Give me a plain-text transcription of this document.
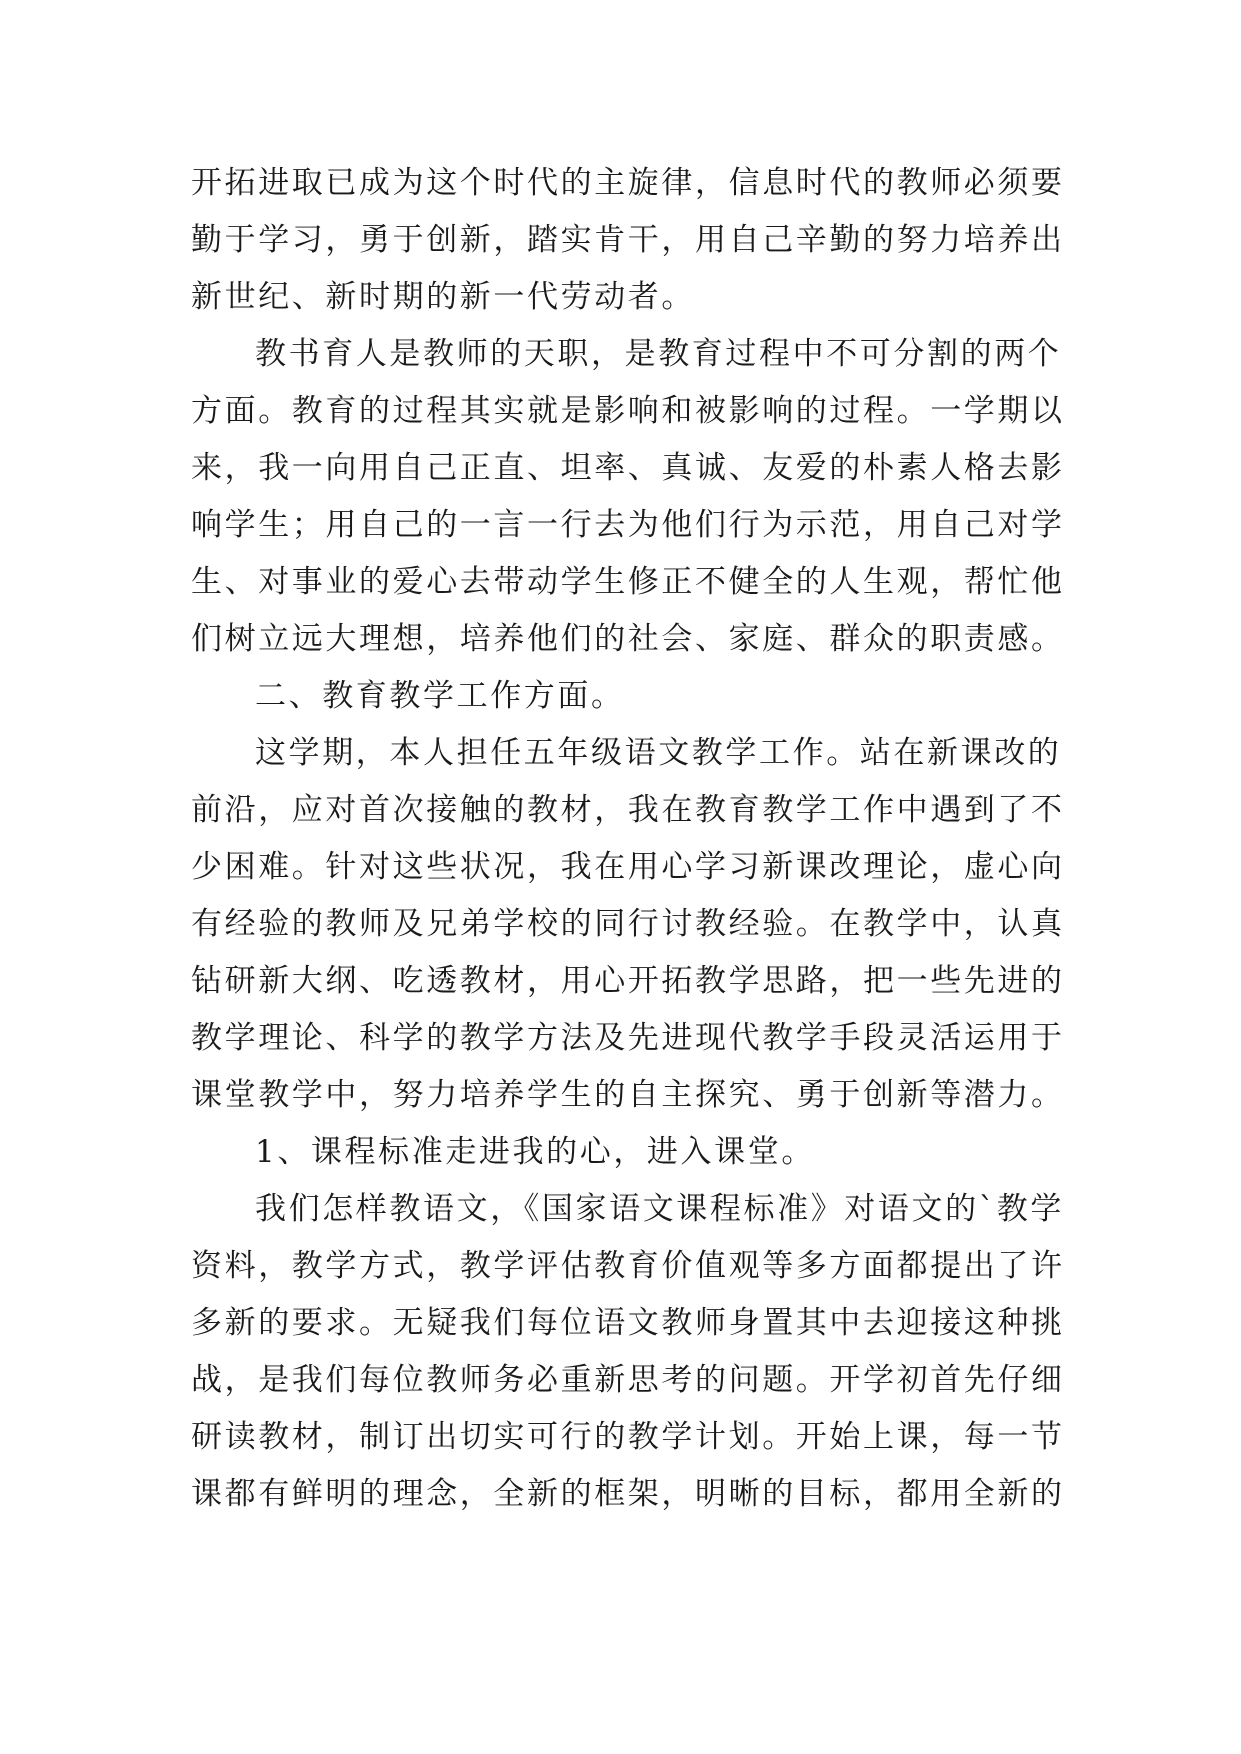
开拓进取已成为这个时代的主旋律，信息时代的教师必须要
勤于学习，勇于创新，踏实肯干，用自己辛勤的努力培养出
新世纪、新时期的新一代劳动者。
教书育人是教师的天职，是教育过程中不可分割的两个
方面。教育的过程其实就是影响和被影响的过程。一学期以
来，我一向用自己正直、坦率、真诚、友爱的朴素人格去影
响学生；用自己的一言一行去为他们行为示范，用自己对学
生、对事业的爱心去带动学生修正不健全的人生观，帮忙他
们树立远大理想，培养他们的社会、家庭、群众的职责感。
二、教育教学工作方面。
这学期，本人担任五年级语文教学工作。站在新课改的
前沿，应对首次接触的教材，我在教育教学工作中遇到了不
少困难。针对这些状况，我在用心学习新课改理论，虚心向
有经验的教师及兄弟学校的同行讨教经验。在教学中，认真
钻研新大纲、吃透教材，用心开拓教学思路，把一些先进的
教学理论、科学的教学方法及先进现代教学手段灵活运用于
课堂教学中，努力培养学生的自主探究、勇于创新等潜力。
1、课程标准走进我的心，进入课堂。
我们怎样教语文，《国家语文课程标准》对语文的`教学
资料，教学方式，教学评估教育价值观等多方面都提出了许
多新的要求。无疑我们每位语文教师身置其中去迎接这种挑
战，是我们每位教师务必重新思考的问题。开学初首先仔细
研读教材，制订出切实可行的教学计划。开始上课，每一节
课都有鲜明的理念，全新的框架，明晰的目标，都用全新的
